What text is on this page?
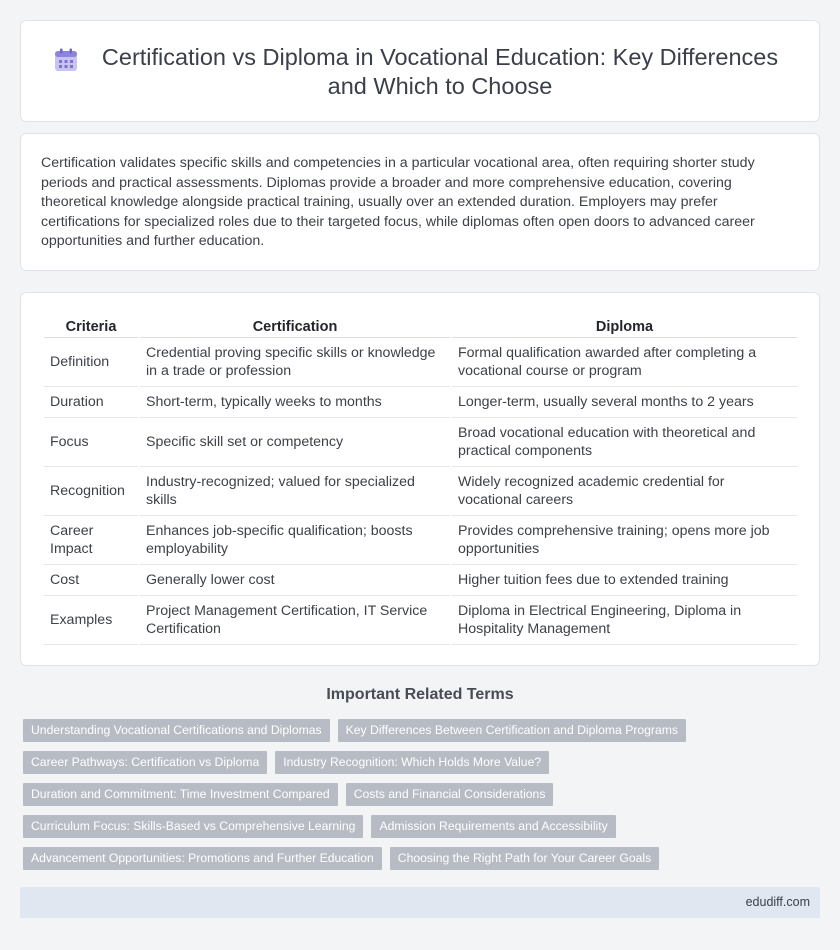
Certification vs Diploma in Vocational Education: Key Differences and Which to Choose

Certification validates specific skills and competencies in a particular vocational area, often requiring shorter study periods and practical assessments. Diplomas provide a broader and more comprehensive education, covering theoretical knowledge alongside practical training, usually over an extended duration. Employers may prefer certifications for specialized roles due to their targeted focus, while diplomas often open doors to advanced career opportunities and further education.

Criteria	Certification	Diploma
Definition	Credential proving specific skills or knowledge in a trade or profession	Formal qualification awarded after completing a vocational course or program
Duration	Short-term, typically weeks to months	Longer-term, usually several months to 2 years
Focus	Specific skill set or competency	Broad vocational education with theoretical and practical components
Recognition	Industry-recognized; valued for specialized skills	Widely recognized academic credential for vocational careers
Career Impact	Enhances job-specific qualification; boosts employability	Provides comprehensive training; opens more job opportunities
Cost	Generally lower cost	Higher tuition fees due to extended training
Examples	Project Management Certification, IT Service Certification	Diploma in Electrical Engineering, Diploma in Hospitality Management
Important Related Terms
Understanding Vocational Certifications and Diplomas	Key Differences Between Certification and Diploma Programs
Career Pathways: Certification vs Diploma	Industry Recognition: Which Holds More Value?
Duration and Commitment: Time Investment Compared	Costs and Financial Considerations
Curriculum Focus: Skills-Based vs Comprehensive Learning	Admission Requirements and Accessibility
Advancement Opportunities: Promotions and Further Education	Choosing the Right Path for Your Career Goals
edudiff.com
